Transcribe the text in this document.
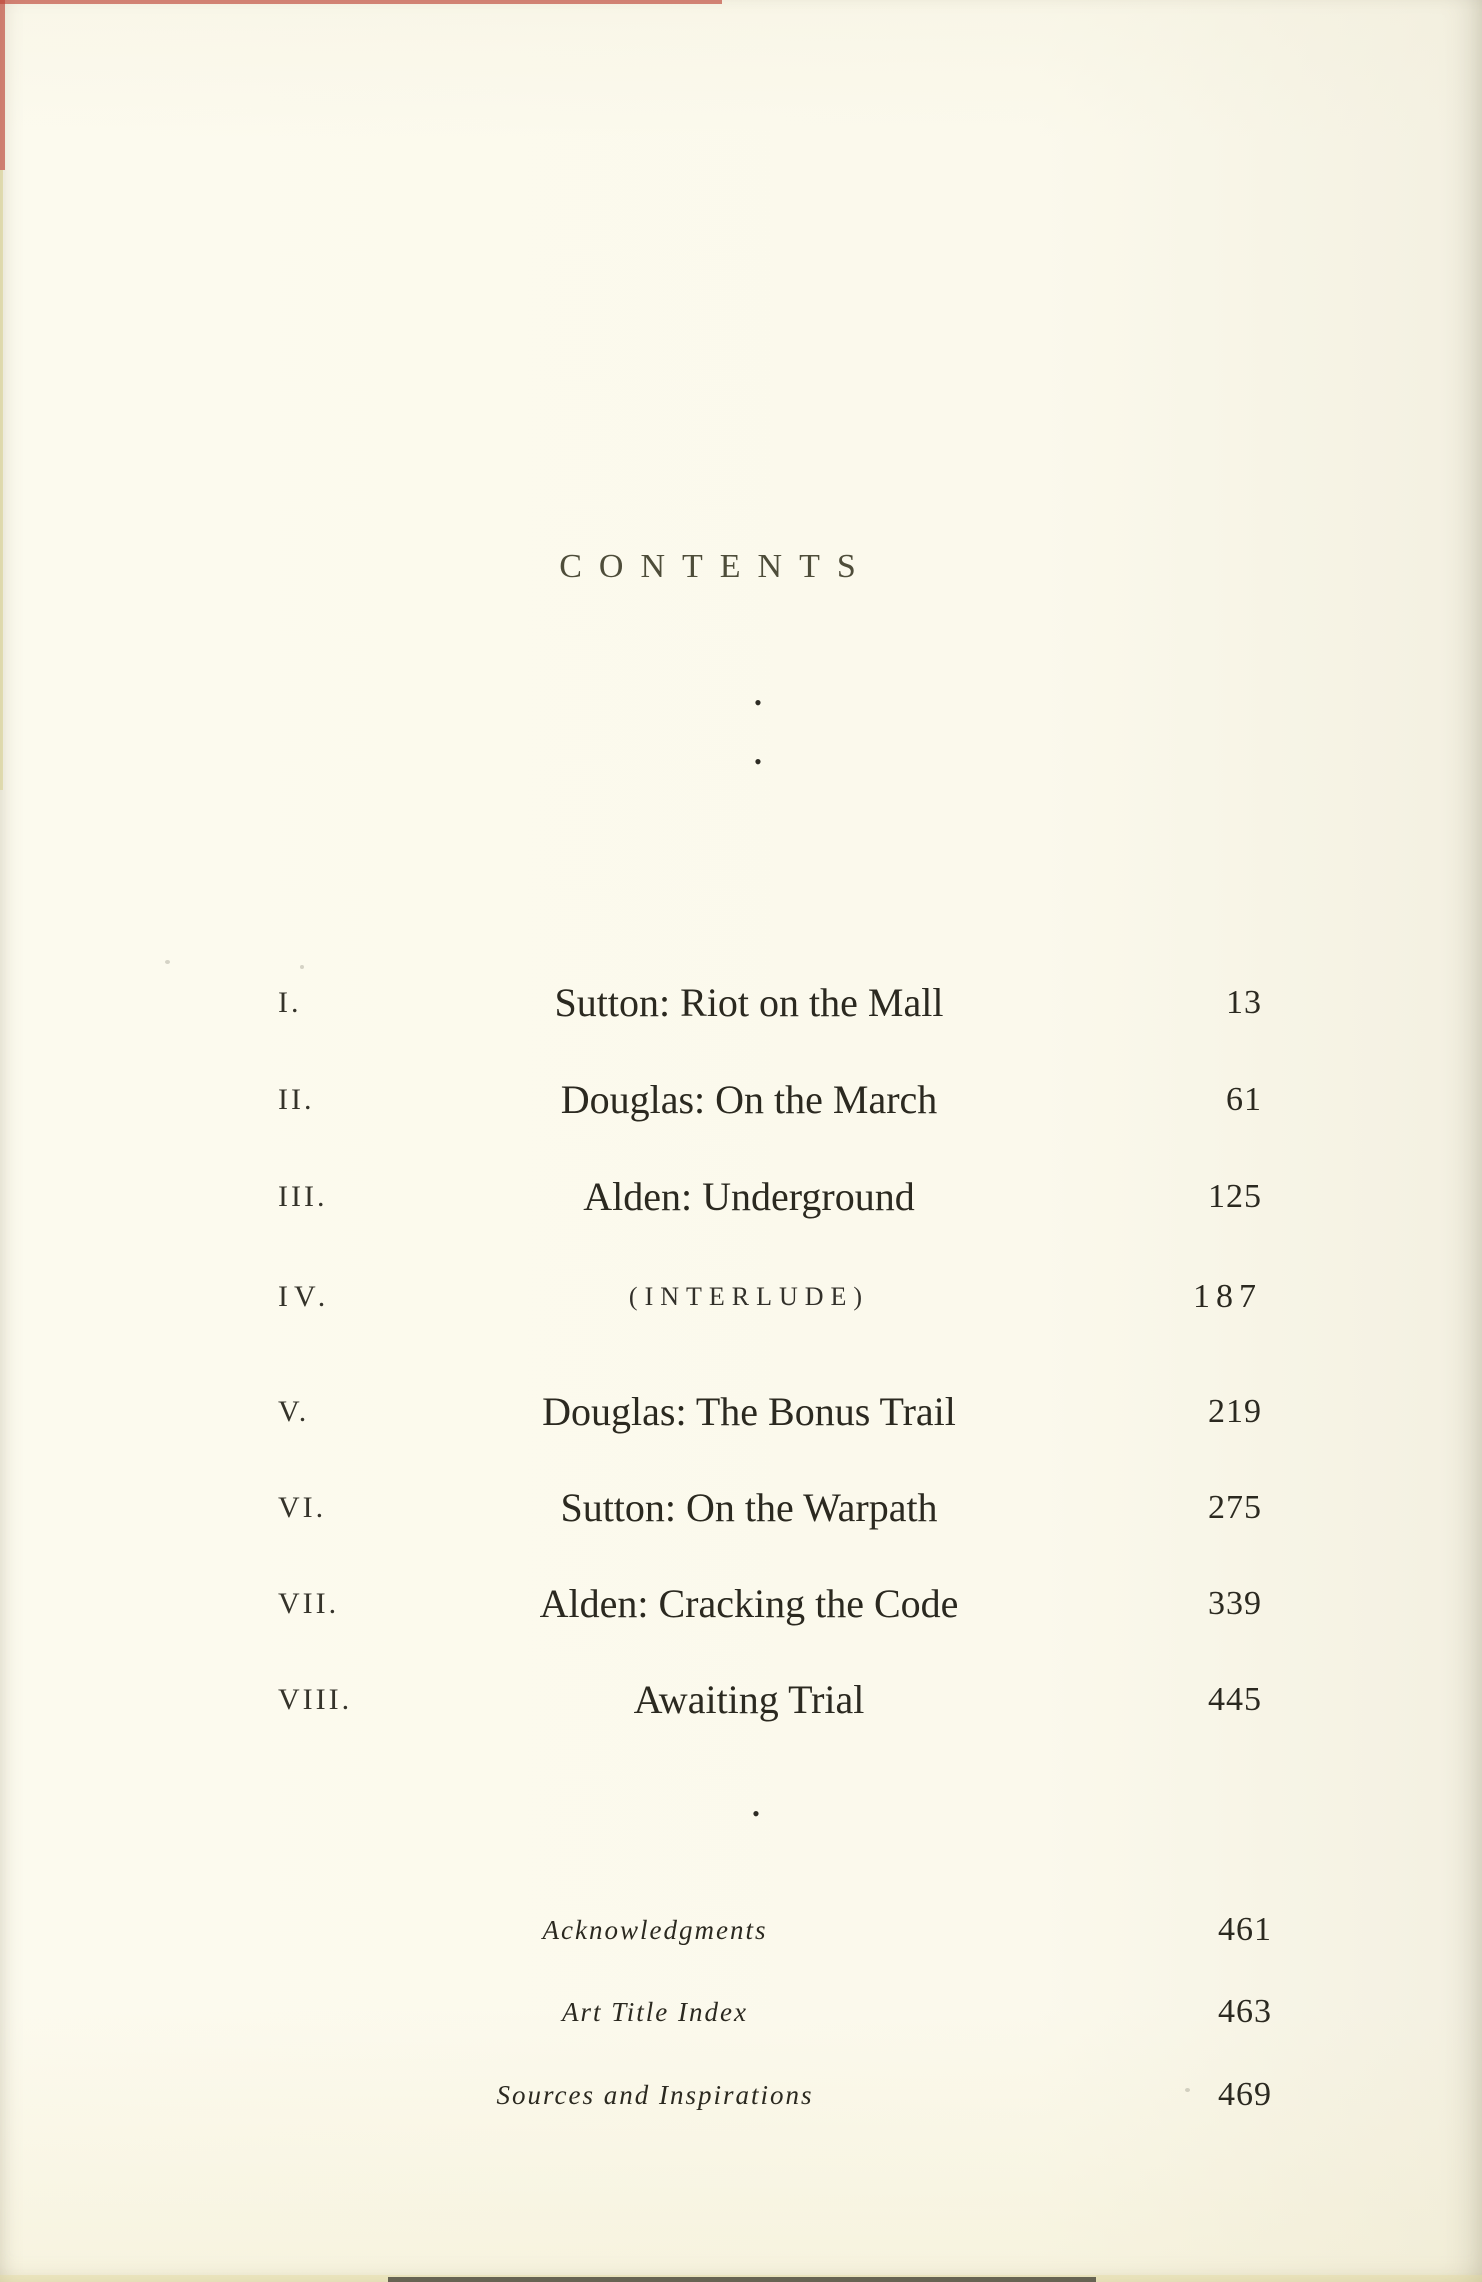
CONTENTS
•
•
I.	Sutton: Riot on the Mall	13
II.	Douglas: On the March	61
III.	Alden: Underground	125
IV.	(INTERLUDE)	187
V.	Douglas: The Bonus Trail	219
VI.	Sutton: On the Warpath	275
VII.	Alden: Cracking the Code	339
VIII.	Awaiting Trial	445
•
Acknowledgments	461
Art Title Index	463
Sources and Inspirations	469
